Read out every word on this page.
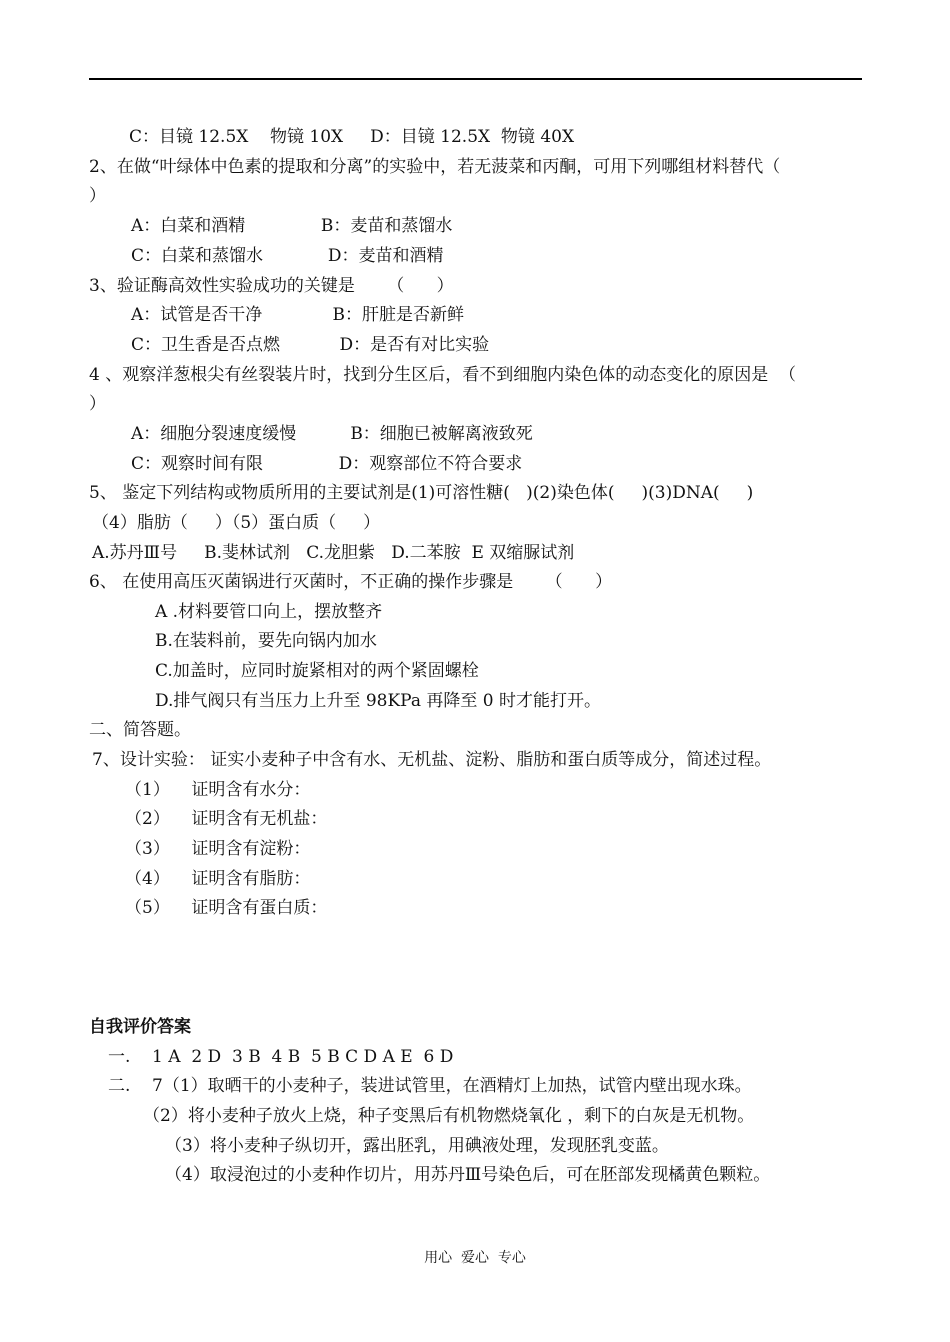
C：目镜 12.5X    物镜 10X     D：目镜 12.5X  物镜 40X
2、在做“叶绿体中色素的提取和分离”的实验中，若无菠菜和丙酮，可用下列哪组材料替代（
）
A：白菜和酒精              B：麦苗和蒸馏水
C：白菜和蒸馏水            D：麦苗和酒精
3、验证酶高效性实验成功的关键是      （      ）
A：试管是否干净             B：肝脏是否新鲜
C：卫生香是否点燃           D：是否有对比实验
4 、观察洋葱根尖有丝裂装片时，找到分生区后，看不到细胞内染色体的动态变化的原因是  （
）
A：细胞分裂速度缓慢          B：细胞已被解离液致死
C：观察时间有限              D：观察部位不符合要求
5、 鉴定下列结构或物质所用的主要试剂是(1)可溶性糖(   )(2)染色体(     )(3)DNA(     )
（4）脂肪（     ）（5）蛋白质（     ）
A.苏丹Ⅲ号     B.斐林试剂   C.龙胆紫   D.二苯胺  E 双缩脲试剂
6、 在使用高压灭菌锅进行灭菌时，不正确的操作步骤是      （      ）
A .材料要管口向上，摆放整齐
B.在装料前，要先向锅内加水
C.加盖时，应同时旋紧相对的两个紧固螺栓
D.排气阀只有当压力上升至 98KPa 再降至 0 时才能打开。
二、简答题。
7、设计实验： 证实小麦种子中含有水、无机盐、淀粉、脂肪和蛋白质等成分，简述过程。
（1）    证明含有水分：
（2）    证明含有无机盐：
（3）    证明含有淀粉：
（4）    证明含有脂肪：
（5）    证明含有蛋白质：
自我评价答案
一.    1 A  2 D  3 B  4 B  5 B C D A E  6 D
二.    7（1）取晒干的小麦种子，装进试管里，在酒精灯上加热，试管内壁出现水珠。
（2）将小麦种子放火上烧，种子变黑后有机物燃烧氧化 ，剩下的白灰是无机物。
（3）将小麦种子纵切开，露出胚乳，用碘液处理，发现胚乳变蓝。
（4）取浸泡过的小麦种作切片，用苏丹Ⅲ号染色后，可在胚部发现橘黄色颗粒。
用心  爱心  专心
